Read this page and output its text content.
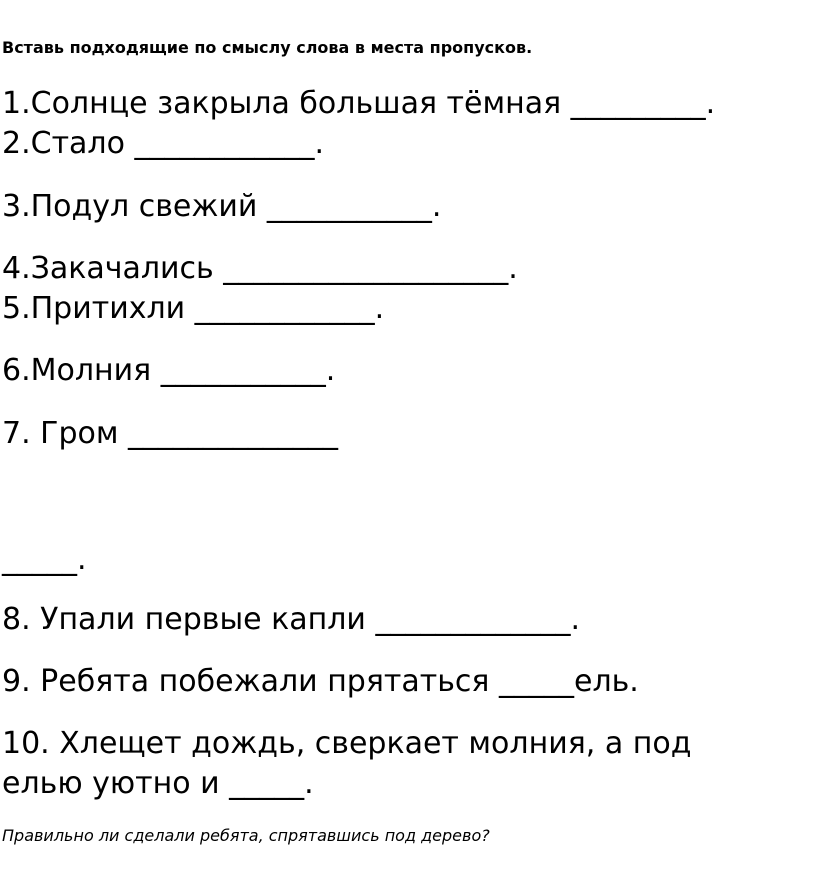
Вставь подходящие по смыслу слова в места пропусков.

1.Солнце закрыла большая тёмная _________.

2.Стало ____________.

3.Подул свежий ___________.

4.Закачались ___________________.

5.Притихли ____________.

6.Молния ___________.

7. Гром ______________

_____.

8. Упали первые капли _____________.

9. Ребята побежали прятаться _____ель.

10. Хлещет дождь, сверкает молния, а под

елью уютно и _____.

Правильно ли сделали ребята, спрятавшись под дерево?
